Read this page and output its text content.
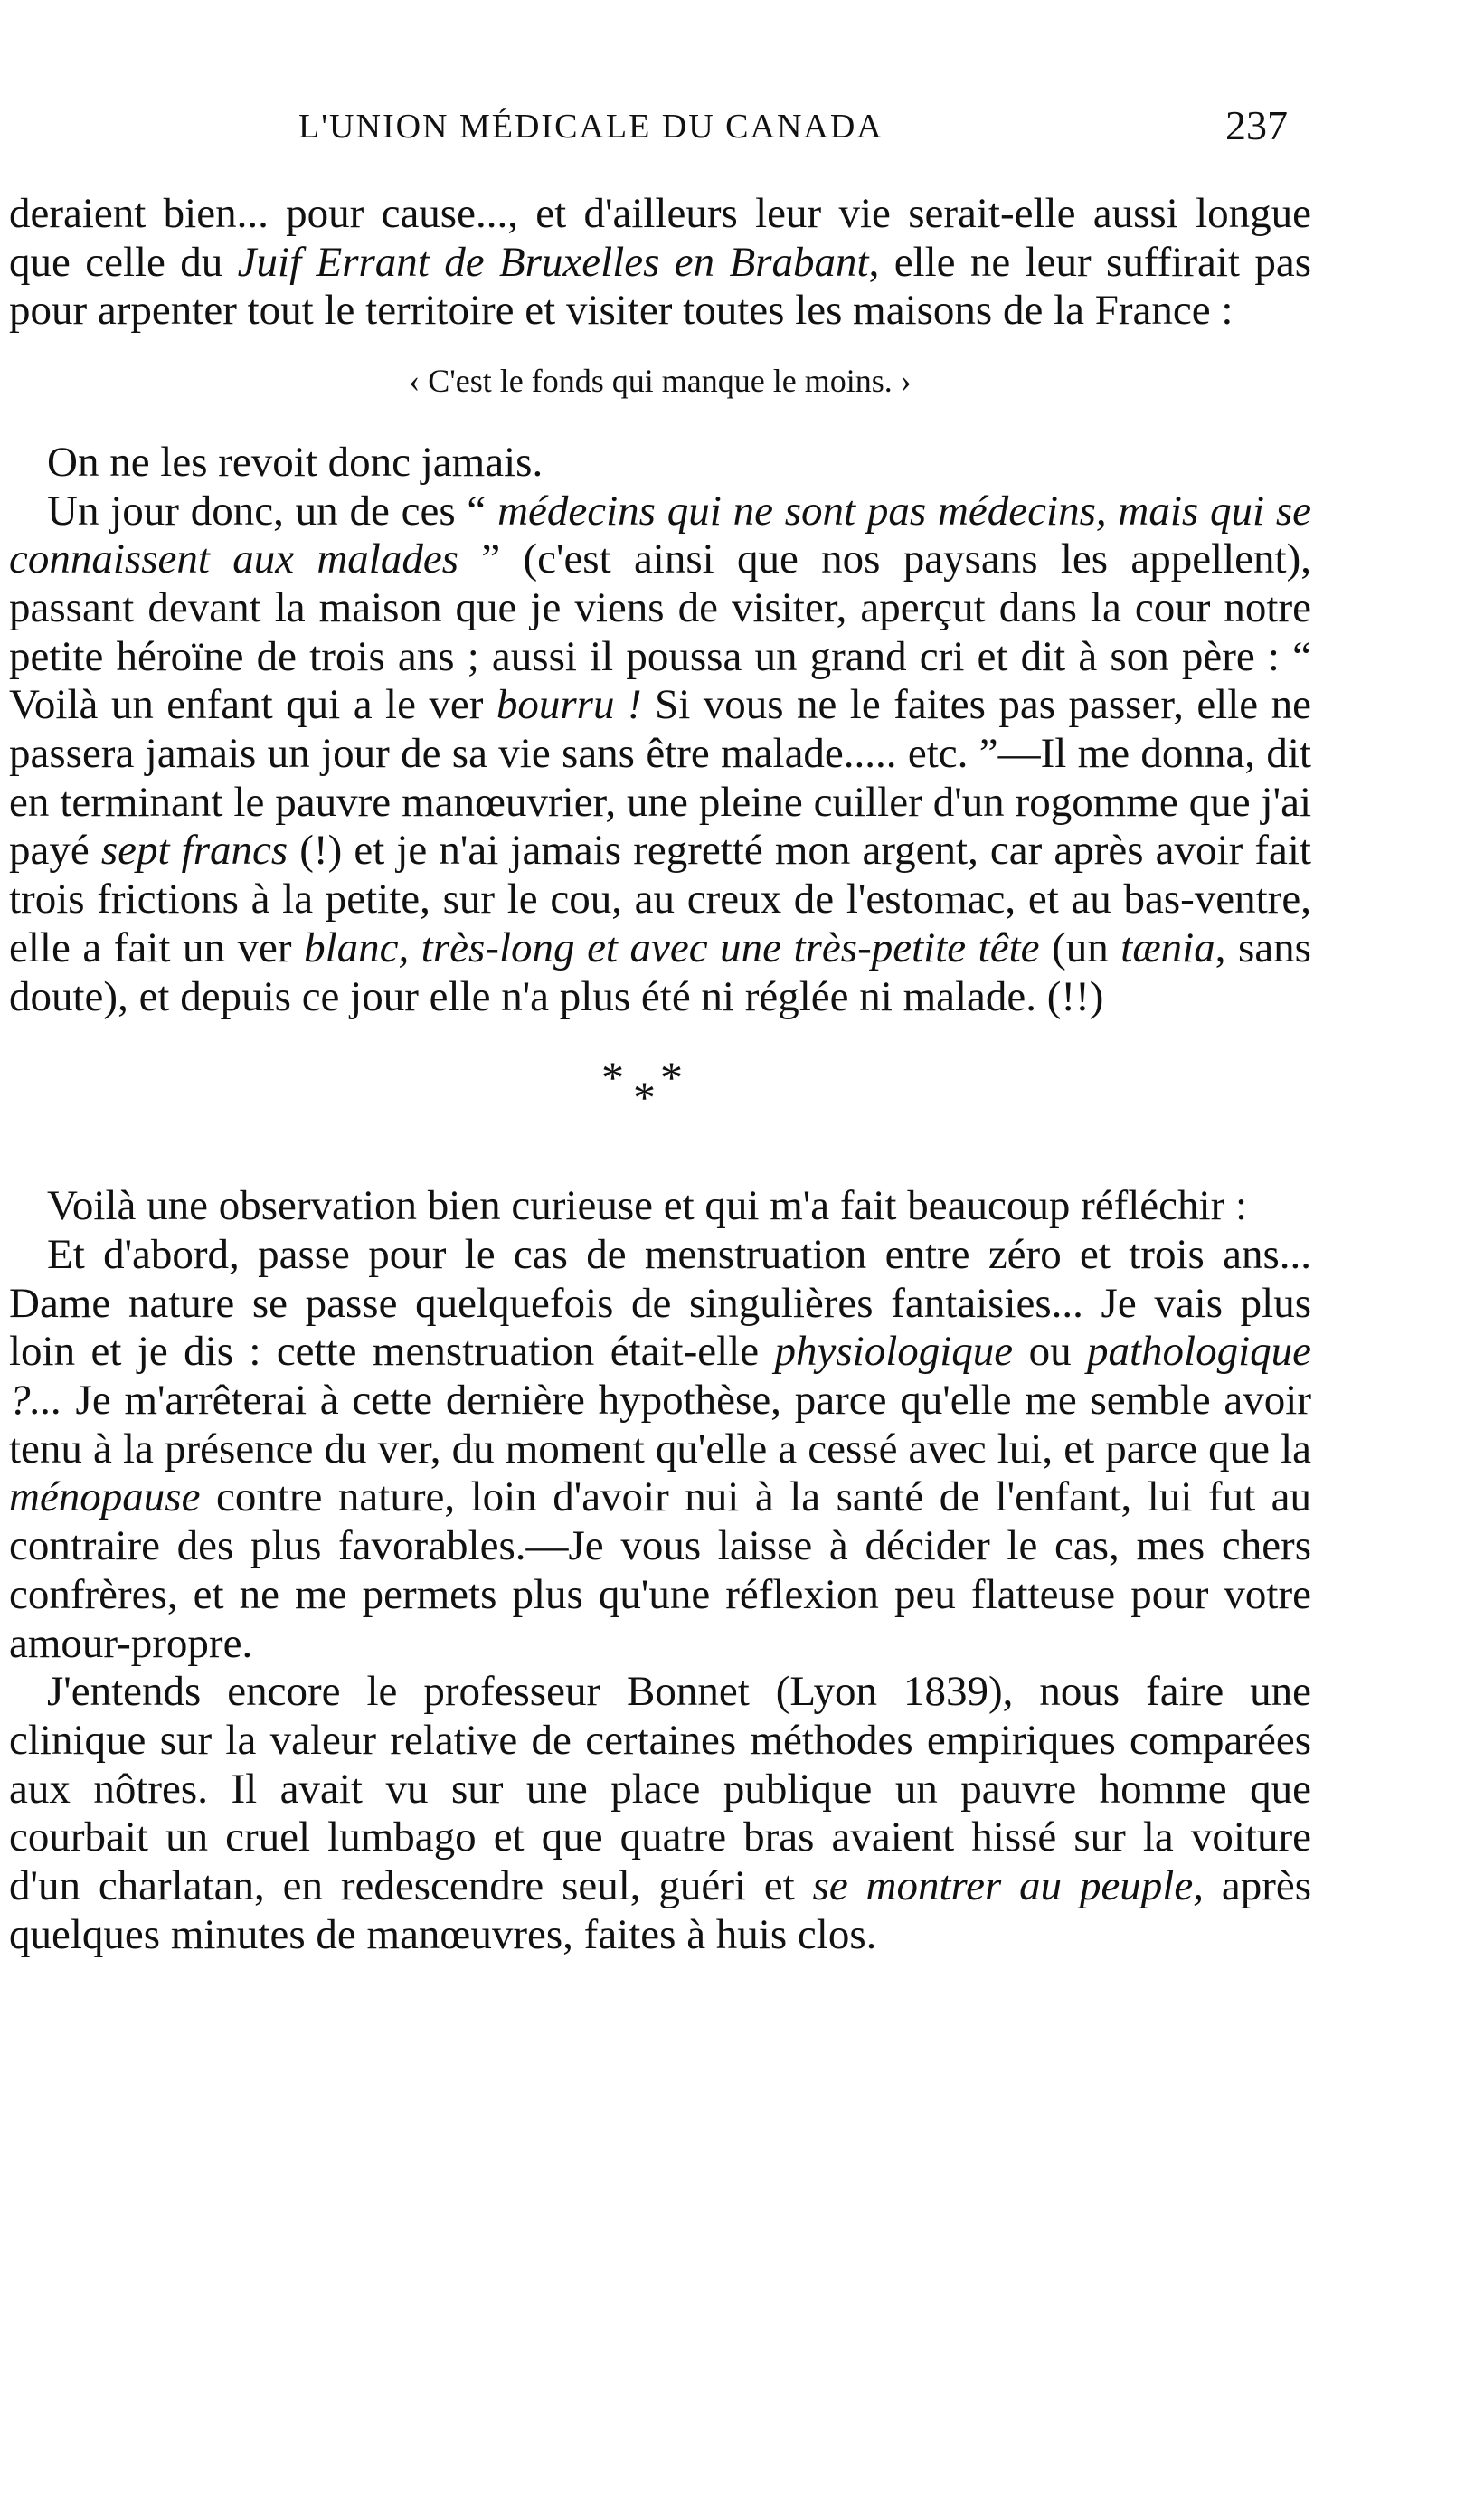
L'UNION MÉDICALE DU CANADA	237

deraient bien... pour cause..., et d'ailleurs leur vie serait-elle aussi longue que celle du Juif Errant de Bruxelles en Brabant, elle ne leur suffirait pas pour arpenter tout le territoire et visiter toutes les maisons de la France :

‹ C'est le fonds qui manque le moins. ›

On ne les revoit donc jamais.

Un jour donc, un de ces “ médecins qui ne sont pas médecins, mais qui se connaissent aux malades ” (c'est ainsi que nos paysans les appellent), passant devant la maison que je viens de visiter, aperçut dans la cour notre petite héroïne de trois ans ; aussi il poussa un grand cri et dit à son père : “ Voilà un enfant qui a le ver bourru ! Si vous ne le faites pas passer, elle ne passera jamais un jour de sa vie sans être malade..... etc. ”—Il me donna, dit en terminant le pauvre manœuvrier, une pleine cuiller d'un rogomme que j'ai payé sept francs (!) et je n'ai jamais regretté mon argent, car après avoir fait trois frictions à la petite, sur le cou, au creux de l'estomac, et au bas-ventre, elle a fait un ver blanc, très-long et avec une très-petite tête (un tænia, sans doute), et depuis ce jour elle n'a plus été ni réglée ni malade. (!!)

* * *

Voilà une observation bien curieuse et qui m'a fait beaucoup réfléchir :

Et d'abord, passe pour le cas de menstruation entre zéro et trois ans... Dame nature se passe quelquefois de singulières fantaisies... Je vais plus loin et je dis : cette menstruation était-elle physiologique ou pathologique ?... Je m'arrêterai à cette dernière hypothèse, parce qu'elle me semble avoir tenu à la présence du ver, du moment qu'elle a cessé avec lui, et parce que la ménopause contre nature, loin d'avoir nui à la santé de l'enfant, lui fut au contraire des plus favorables.—Je vous laisse à décider le cas, mes chers confrères, et ne me permets plus qu'une réflexion peu flatteuse pour votre amour-propre.

J'entends encore le professeur Bonnet (Lyon 1839), nous faire une clinique sur la valeur relative de certaines méthodes empiriques comparées aux nôtres. Il avait vu sur une place publique un pauvre homme que courbait un cruel lumbago et que quatre bras avaient hissé sur la voiture d'un charlatan, en redescendre seul, guéri et se montrer au peuple, après quelques minutes de manœuvres, faites à huis clos.
